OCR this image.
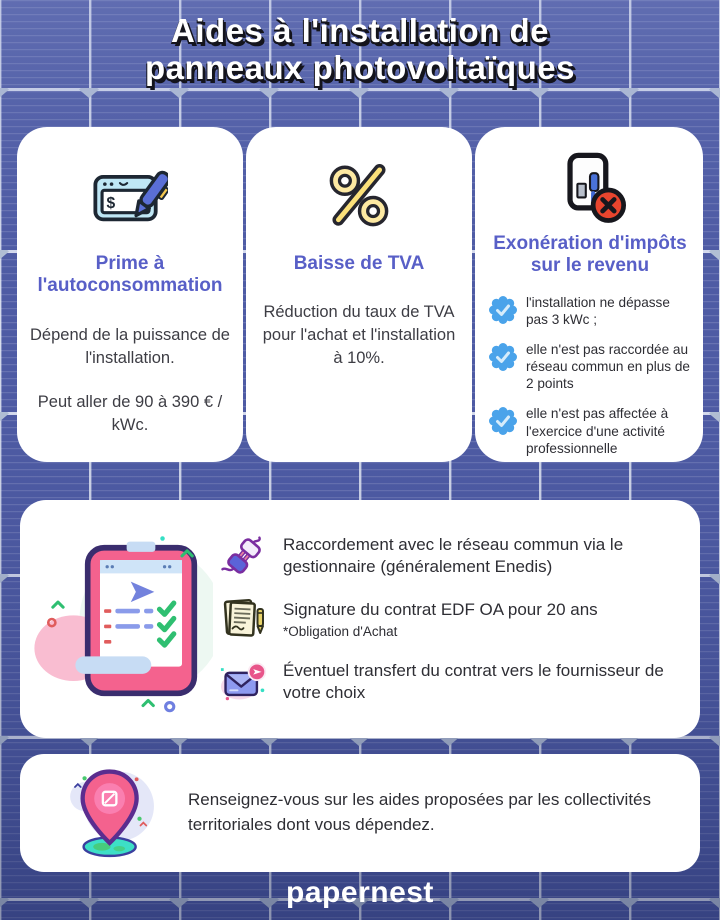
Aides à l'installation de
panneaux photovoltaïques
$
Prime à l'autoconsommation
Dépend de la puissance de l'installation.
Peut aller de 90 à 390 € / kWc.
Baisse de TVA
Réduction du taux de TVA pour l'achat et l'installation à 10%.
Exonération d'impôts sur le revenu
l'installation ne dépasse pas 3 kWc ;
elle n'est pas raccordée au réseau commun en plus de 2 points
elle n'est pas affectée à l'exercice d'une activité professionnelle
Raccordement avec le réseau commun via le gestionnaire (généralement Enedis)
Signature du contrat EDF OA pour 20 ans
*Obligation d'Achat
Éventuel transfert du contrat vers le fournisseur de votre choix
Renseignez-vous sur les aides proposées par les collectivités territoriales dont vous dépendez.
papernest
